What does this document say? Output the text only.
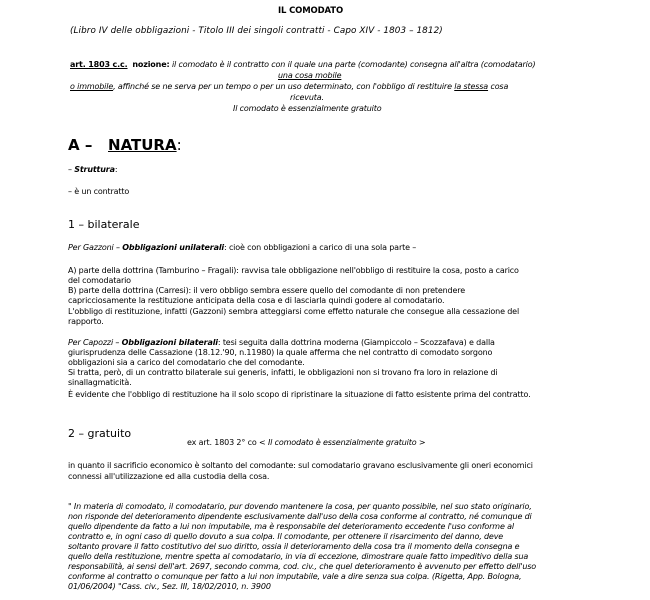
IL COMODATO
(Libro IV delle obbligazioni - Titolo III dei singoli contratti - Capo XIV - 1803 – 1812)
art. 1803 c.c. nozione: il comodato è il contratto con il quale una parte (comodante) consegna all'altra (comodatario)
una cosa mobile
o immobile, affinché se ne serva per un tempo o per un uso determinato, con l'obbligo di restituire la stessa cosa
ricevuta.
Il comodato è essenzialmente gratuito
A – NATURA:
– Struttura:
– è un contratto
1 – bilaterale
Per Gazzoni – Obbligazioni unilaterali: cioè con obbligazioni a carico di una sola parte –
A) parte della dottrina (Tamburino – Fragali): ravvisa tale obbligazione nell'obbligo di restituire la cosa, posto a carico
del comodatario
B) parte della dottrina (Carresi): il vero obbligo sembra essere quello del comodante di non pretendere
capricciosamente la restituzione anticipata della cosa e di lasciarla quindi godere al comodatario.
L'obbligo di restituzione, infatti (Gazzoni) sembra atteggiarsi come effetto naturale che consegue alla cessazione del
rapporto.
Per Capozzi – Obbligazioni bilaterali: tesi seguita dalla dottrina moderna (Giampiccolo – Scozzafava) e dalla
giurisprudenza delle Cassazione (18.12.'90, n.11980) la quale afferma che nel contratto di comodato sorgono
obbligazioni sia a carico del comodatario che del comodante.
Si tratta, però, di un contratto bilaterale sui generis, infatti, le obbligazioni non si trovano fra loro in relazione di
sinallagmaticità.
È evidente che l'obbligo di restituzione ha il solo scopo di ripristinare la situazione di fatto esistente prima del contratto.
2 – gratuito
ex art. 1803 2° co < Il comodato è essenzialmente gratuito >
in quanto il sacrificio economico è soltanto del comodante: sul comodatario gravano esclusivamente gli oneri economici
connessi all'utilizzazione ed alla custodia della cosa.
" In materia di comodato, il comodatario, pur dovendo mantenere la cosa, per quanto possibile, nel suo stato originario,
non risponde del deterioramento dipendente esclusivamente dall'uso della cosa conforme al contratto, né comunque di
quello dipendente da fatto a lui non imputabile, ma è responsabile del deterioramento eccedente l'uso conforme al
contratto e, in ogni caso di quello dovuto a sua colpa. Il comodante, per ottenere il risarcimento del danno, deve
soltanto provare il fatto costitutivo del suo diritto, ossia il deterioramento della cosa tra il momento della consegna e
quello della restituzione, mentre spetta al comodatario, in via di eccezione, dimostrare quale fatto impeditivo della sua
responsabilità, ai sensi dell'art. 2697, secondo comma, cod. civ., che quel deterioramento è avvenuto per effetto dell'uso
conforme al contratto o comunque per fatto a lui non imputabile, vale a dire senza sua colpa. (Rigetta, App. Bologna,
01/06/2004) "Cass. civ., Sez. III, 18/02/2010, n. 3900
